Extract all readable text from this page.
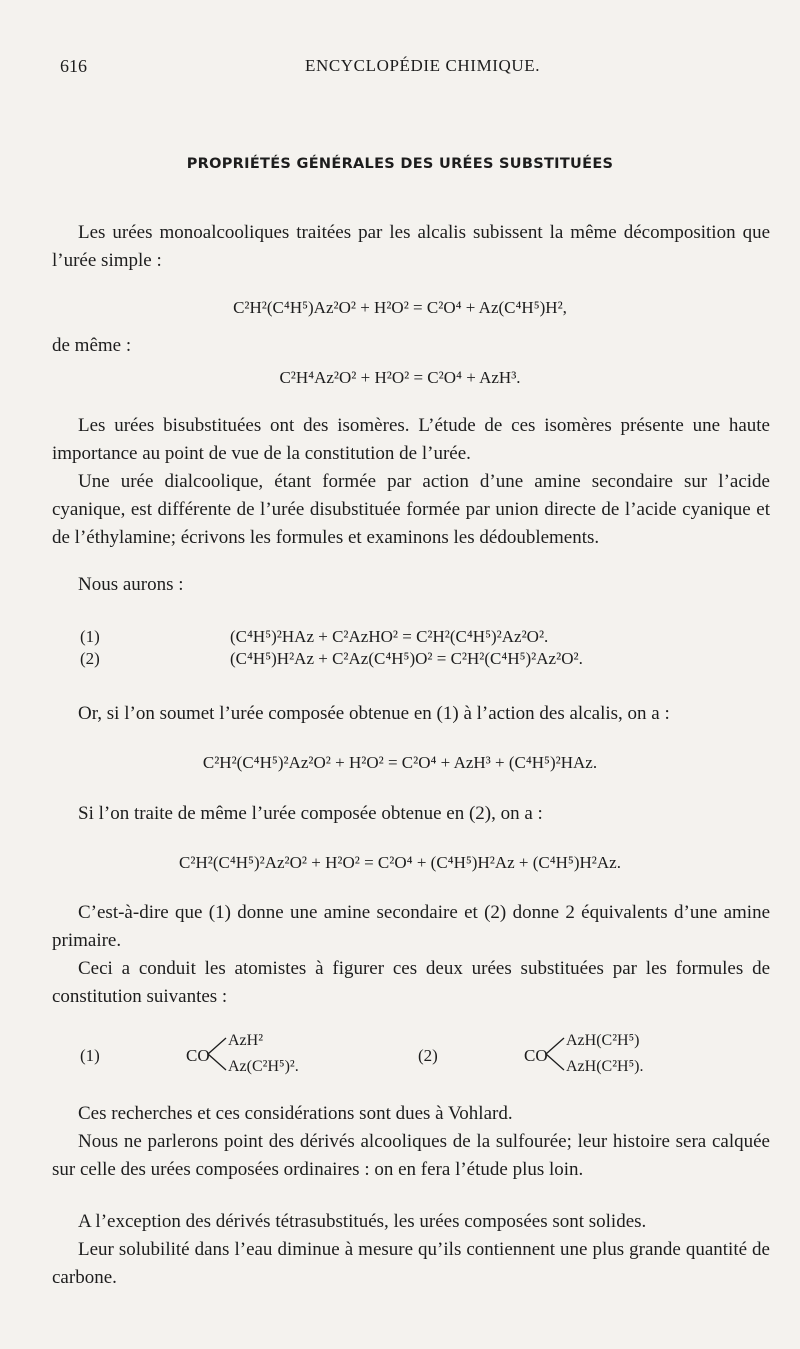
616	ENCYCLOPÉDIE CHIMIQUE.
PROPRIÉTÉS GÉNÉRALES DES URÉES SUBSTITUÉES

Les urées monoalcooliques traitées par les alcalis subissent la même décomposition que l’urée simple :

C²H²(C⁴H⁵)Az²O² + H²O² = C²O⁴ + Az(C⁴H⁵)H²,
de même :
C²H⁴Az²O² + H²O² = C²O⁴ + AzH³.

Les urées bisubstituées ont des isomères. L’étude de ces isomères présente une haute importance au point de vue de la constitution de l’urée.

Une urée dialcoolique, étant formée par action d’une amine secondaire sur l’acide cyanique, est différente de l’urée disubstituée formée par union directe de l’acide cyanique et de l’éthylamine; écrivons les formules et examinons les dédoublements.

Nous aurons :
(1)	(C⁴H⁵)²HAz + C²AzHO² = C²H²(C⁴H⁵)²Az²O².
(2)	(C⁴H⁵)H²Az + C²Az(C⁴H⁵)O² = C²H²(C⁴H⁵)²Az²O².

Or, si l’on soumet l’urée composée obtenue en (1) à l’action des alcalis, on a :

C²H²(C⁴H⁵)²Az²O² + H²O² = C²O⁴ + AzH³ + (C⁴H⁵)²HAz.

Si l’on traite de même l’urée composée obtenue en (2), on a :

C²H²(C⁴H⁵)²Az²O² + H²O² = C²O⁴ + (C⁴H⁵)H²Az + (C⁴H⁵)H²Az.

C’est-à-dire que (1) donne une amine secondaire et (2) donne 2 équivalents d’une amine primaire.

Ceci a conduit les atomistes à figurer ces deux urées substituées par les formules de constitution suivantes :

(1)	CO
AzH²
Az(C²H⁵)².
(2)	CO
AzH(C²H⁵)
AzH(C²H⁵).

Ces recherches et ces considérations sont dues à Vohlard.

Nous ne parlerons point des dérivés alcooliques de la sulfourée; leur histoire sera calquée sur celle des urées composées ordinaires : on en fera l’étude plus loin.

A l’exception des dérivés tétrasubstitués, les urées composées sont solides.

Leur solubilité dans l’eau diminue à mesure qu’ils contiennent une plus grande quantité de carbone.
